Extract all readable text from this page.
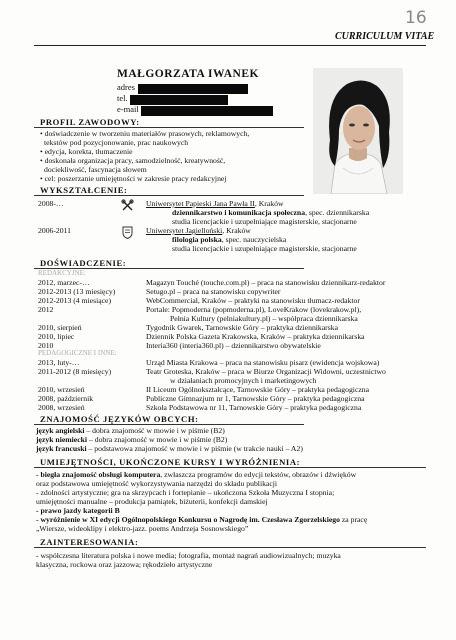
16
CURRICULUM VITAE
MAŁGORZATA IWANEK
adres
tel.
e-mail
PROFIL ZAWODOWY:
• doświadczenie w tworzeniu materiałów prasowych, reklamowych,
tekstów pod pozycjonowanie, prac naukowych
• edycja, korekta, tłumaczenie
• doskonała organizacja pracy, samodzielność, kreatywność,
dociekliwość, fascynacja słowem
• cel: poszerzanie umiejętności w zakresie pracy redakcyjnej
WYKSZTAŁCENIE:
2008-…	Uniwersytet Papieski Jana Pawła II, Kraków
dziennikarstwo i komunikacja społeczna, spec. dziennikarska
studia licencjackie i uzupełniające magisterskie, stacjonarne
2006-2011	Uniwersytet Jagielloński, Kraków
filologia polska, spec. nauczycielska
studia licencjackie i uzupełniające magisterskie, stacjonarne
DOŚWIADCZENIE:
REDAKCYJNE:
2012, marzec-…	Magazyn Touché (touche.com.pl) – praca na stanowisku dziennikarz-redaktor
2012-2013 (13 miesięcy)	Setugo.pl – praca na stanowisku copywriter
2012-2013 (4 miesiące)	WebCommercial, Kraków – praktyki na stanowisku tłumacz-redaktor
2012	Portale: Popmoderna (popmoderna.pl), LoveKrakow (lovekrakow.pl),
Pełnia Kultury (pelniakultury.pl) – współpraca dziennikarska
2010, sierpień	Tygodnik Gwarek, Tarnowskie Góry – praktyka dziennikarska
2010, lipiec	Dziennik Polska Gazeta Krakowska, Kraków – praktyka dziennikarska
2010	Interia360 (interia360.pl) – dziennikarstwo obywatelskie
PEDAGOGICZNE I INNE:
2013, luty-…	Urząd Miasta Krakowa – praca na stanowisku pisarz (ewidencja wojskowa)
2011-2012 (8 miesięcy)	Teatr Groteska, Kraków – praca w Biurze Organizacji Widowni, uczestnictwo
w działaniach promocyjnych i marketingowych
2010, wrzesień	II Liceum Ogólnokształcące, Tarnowskie Góry – praktyka pedagogiczna
2008, październik	Publiczne Gimnazjum nr 1, Tarnowskie Góry – praktyka pedagogiczna
2008, wrzesień	Szkoła Podstawowa nr 11, Tarnowskie Góry – praktyka pedagogiczna
ZNAJOMOŚĆ JĘZYKÓW OBCYCH:
język angielski – dobra znajomość w mowie i w piśmie (B2)
język niemiecki – dobra znajomość w mowie i w piśmie (B2)
język francuski – podstawowa znajomość w mowie i w piśmie (w trakcie nauki – A2)
UMIEJĘTNOŚCI, UKOŃCZONE KURSY I WYRÓŻNIENIA:
- biegła znajomość obsługi komputera, zwłaszcza programów do edycji tekstów, obrazów i dźwięków
oraz podstawowa umiejętność wykorzystywania narzędzi do składu publikacji
- zdolności artystyczne; gra na skrzypcach i fortepianie – ukończona Szkoła Muzyczna I stopnia;
umiejętności manualne – produkcja pamiątek, biżuterii, konfekcji damskiej
- prawo jazdy kategorii B
- wyróżnienie w XI edycji Ogólnopolskiego Konkursu o Nagrodę im. Czesława Zgorzelskiego za pracę
„Wiersze, wideoklipy i elektro-jazz. poems Andrzeja Sosnowskiego”
ZAINTERESOWANIA:
- współczesna literatura polska i nowe media; fotografia, montaż nagrań audiowizualnych; muzyka
klasyczna, rockowa oraz jazzowa; rękodzieło artystyczne
